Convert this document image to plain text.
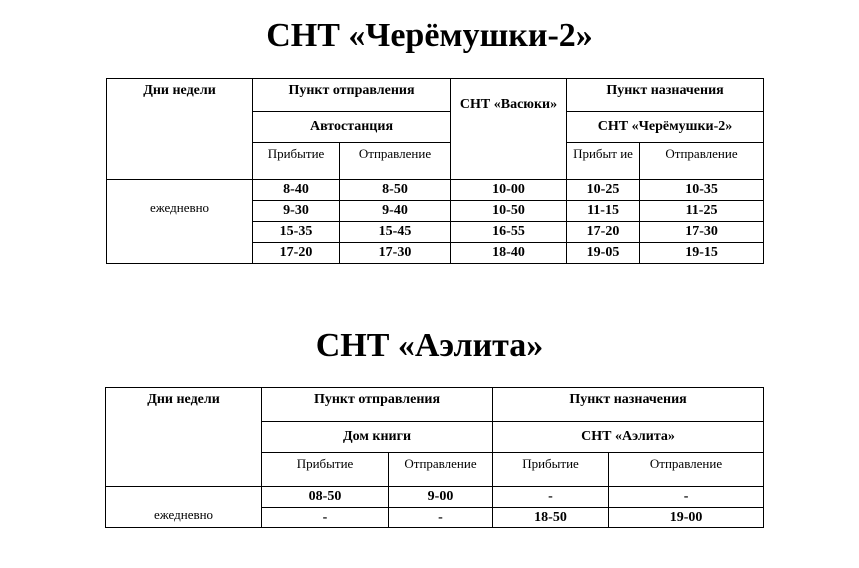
СНТ «Черёмушки-2»
Дни недели	Пункт отправления		СНТ «Васюки»	Пункт назначения	
	Автостанция			СНТ «Черёмушки-2»	
	Прибытие	Отправление		Прибыт ие	Отправление
ежедневно	8-40	8-50	10-00	10-25	10-35
	9-30	9-40	10-50	11-15	11-25
	15-35	15-45	16-55	17-20	17-30
	17-20	17-30	18-40	19-05	19-15
СНТ «Аэлита»
Дни недели	Пункт отправления		Пункт назначения	
	Дом книги		СНТ «Аэлита»	
	Прибытие	Отправление	Прибытие	Отправление
ежедневно	08-50	9-00	-	-
	-	-	18-50	19-00
